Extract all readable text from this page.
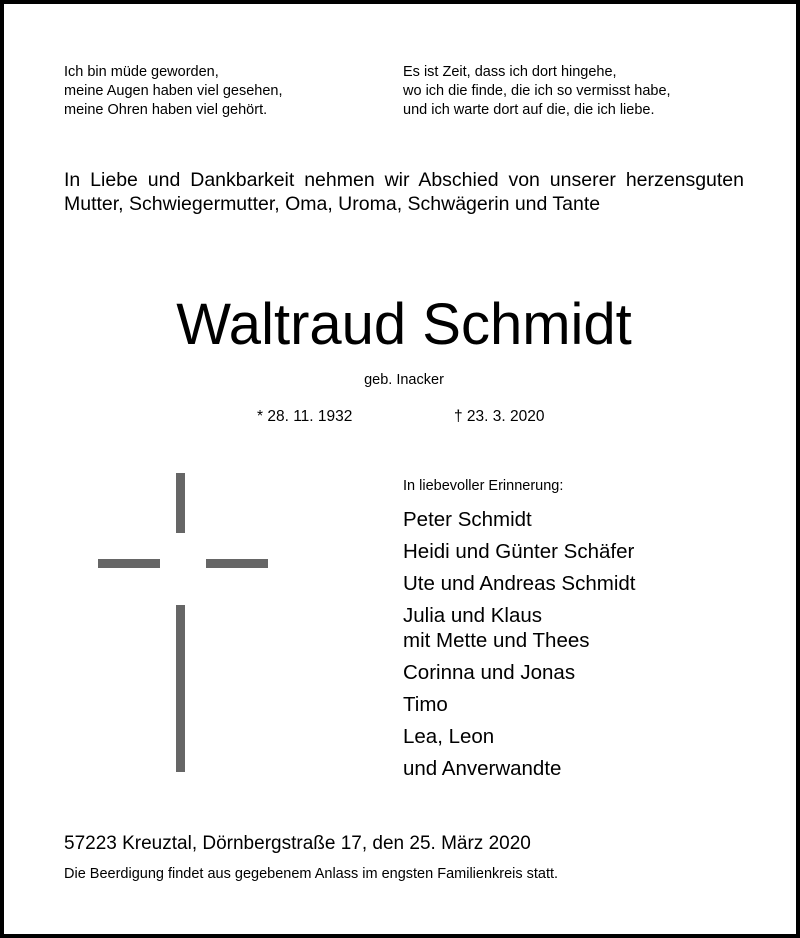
Ich bin müde geworden,
meine Augen haben viel gesehen,
meine Ohren haben viel gehört.
Es ist Zeit, dass ich dort hingehe,
wo ich die finde, die ich so vermisst habe,
und ich warte dort auf die, die ich liebe.
In Liebe und Dankbarkeit nehmen wir Abschied von unserer herzensguten Mutter, Schwiegermutter, Oma, Uroma, Schwägerin und Tante
Waltraud Schmidt
geb. Inacker
* 28. 11. 1932	† 23. 3. 2020
In liebevoller Erinnerung:
Peter Schmidt
Heidi und Günter Schäfer
Ute und Andreas Schmidt
Julia und Klaus
mit Mette und Thees
Corinna und Jonas
Timo
Lea, Leon
und Anverwandte
57223 Kreuztal, Dörnbergstraße 17, den 25. März 2020
Die Beerdigung findet aus gegebenem Anlass im engsten Familienkreis statt.
